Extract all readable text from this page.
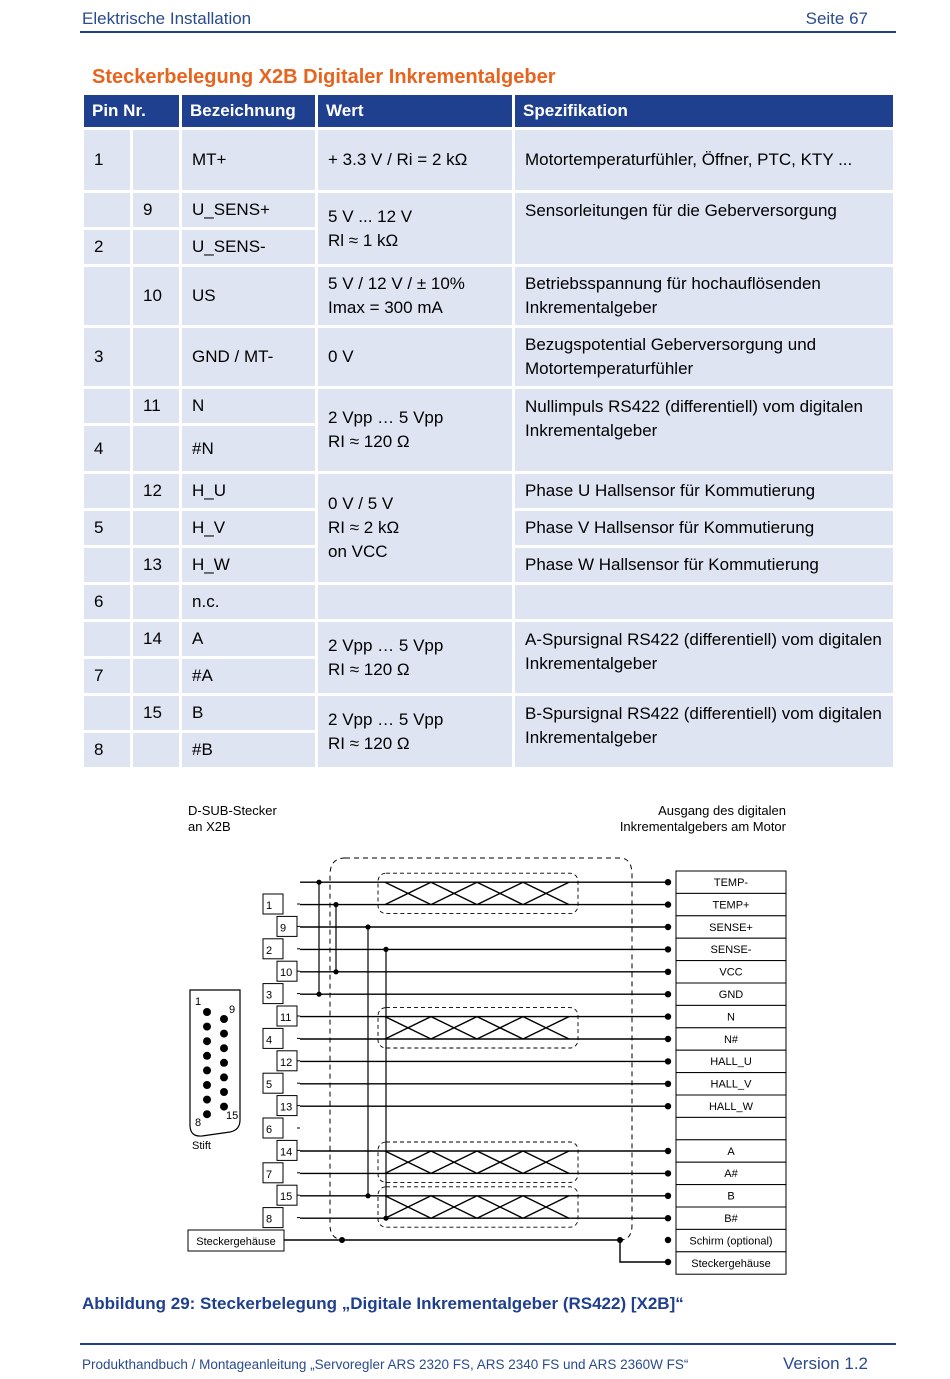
Elektrische Installation	Seite 67
Steckerbelegung X2B Digitaler Inkrementalgeber
Pin Nr.		Bezeichnung	Wert	Spezifikation
1		MT+	+ 3.3 V / Ri = 2 kΩ	Motortemperaturfühler, Öffner, PTC, KTY ...
	9	U_SENS+	5 V ... 12 V
Rl ≈ 1 kΩ	Sensorleitungen für die Geberversorgung
2		U_SENS-		
	10	US	5 V / 12 V / ± 10%
Imax = 300 mA	Betriebsspannung für hochauflösenden Inkrementalgeber
3		GND / MT-	0 V	Bezugspotential Geberversorgung und Motortemperaturfühler
	11	N	2 Vpp … 5 Vpp
RI ≈ 120 Ω	Nullimpuls RS422 (differentiell) vom digitalen Inkrementalgeber
4		#N		
	12	H_U	0 V / 5 V
RI ≈ 2 kΩ
on VCC	Phase U Hallsensor für Kommutierung
5		H_V		Phase V Hallsensor für Kommutierung
	13	H_W		Phase W Hallsensor für Kommutierung
6		n.c.		
	14	A	2 Vpp … 5 Vpp
RI ≈ 120 Ω	A-Spursignal RS422 (differentiell) vom digitalen Inkrementalgeber
7		#A		
	15	B	2 Vpp … 5 Vpp
RI ≈ 120 Ω	B-Spursignal RS422 (differentiell) vom digitalen Inkrementalgeber
8		#B		
D-SUB-Stecker
an X2B
Ausgang des digitalen
Inkrementalgebers am Motor
1
9
8
15
Stift
Steckergehäuse
1
9
2
10
3
11
4
12
5
13
6
14
7
15
8
TEMP-
TEMP+
SENSE+
SENSE-
VCC
GND
N
N#
HALL_U
HALL_V
HALL_W
A
A#
B
B#
Schirm (optional)
Steckergehäuse
Abbildung 29: Steckerbelegung „Digitale Inkrementalgeber (RS422) [X2B]“
Produkthandbuch / Montageanleitung „Servoregler ARS 2320 FS, ARS 2340 FS und ARS 2360W FS“	Version 1.2
